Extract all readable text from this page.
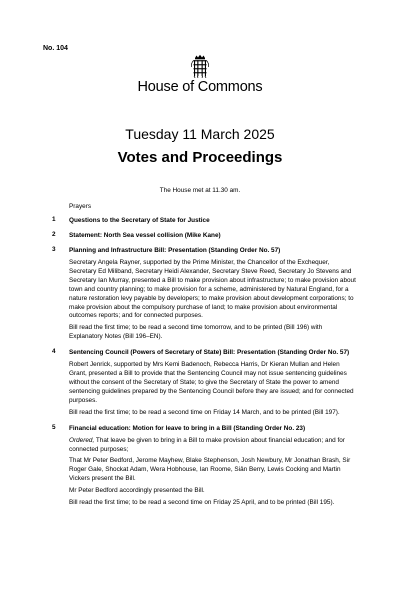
No. 104
House of Commons
Tuesday 11 March 2025
Votes and Proceedings
The House met at 11.30 am.
Prayers
1 Questions to the Secretary of State for Justice
2 Statement: North Sea vessel collision (Mike Kane)
3 Planning and Infrastructure Bill: Presentation (Standing Order No. 57)
Secretary Angela Rayner, supported by the Prime Minister, the Chancellor of the Exchequer, Secretary Ed Miliband, Secretary Heidi Alexander, Secretary Steve Reed, Secretary Jo Stevens and Secretary Ian Murray, presented a Bill to make provision about infrastructure; to make provision about town and country planning; to make provision for a scheme, administered by Natural England, for a nature restoration levy payable by developers; to make provision about development corporations; to make provision about the compulsory purchase of land; to make provision about environmental outcomes reports; and for connected purposes.
Bill read the first time; to be read a second time tomorrow, and to be printed (Bill 196) with Explanatory Notes (Bill 196–EN).
4 Sentencing Council (Powers of Secretary of State) Bill: Presentation (Standing Order No. 57)
Robert Jenrick, supported by Mrs Kemi Badenoch, Rebecca Harris, Dr Kieran Mullan and Helen Grant, presented a Bill to provide that the Sentencing Council may not issue sentencing guidelines without the consent of the Secretary of State; to give the Secretary of State the power to amend sentencing guidelines prepared by the Sentencing Council before they are issued; and for connected purposes.
Bill read the first time; to be read a second time on Friday 14 March, and to be printed (Bill 197).
5 Financial education: Motion for leave to bring in a Bill (Standing Order No. 23)
Ordered, That leave be given to bring in a Bill to make provision about financial education; and for connected purposes;
That Mr Peter Bedford, Jerome Mayhew, Blake Stephenson, Josh Newbury, Mr Jonathan Brash, Sir Roger Gale, Shockat Adam, Wera Hobhouse, Ian Roome, Siân Berry, Lewis Cocking and Martin Vickers present the Bill.
Mr Peter Bedford accordingly presented the Bill.
Bill read the first time; to be read a second time on Friday 25 April, and to be printed (Bill 195).
